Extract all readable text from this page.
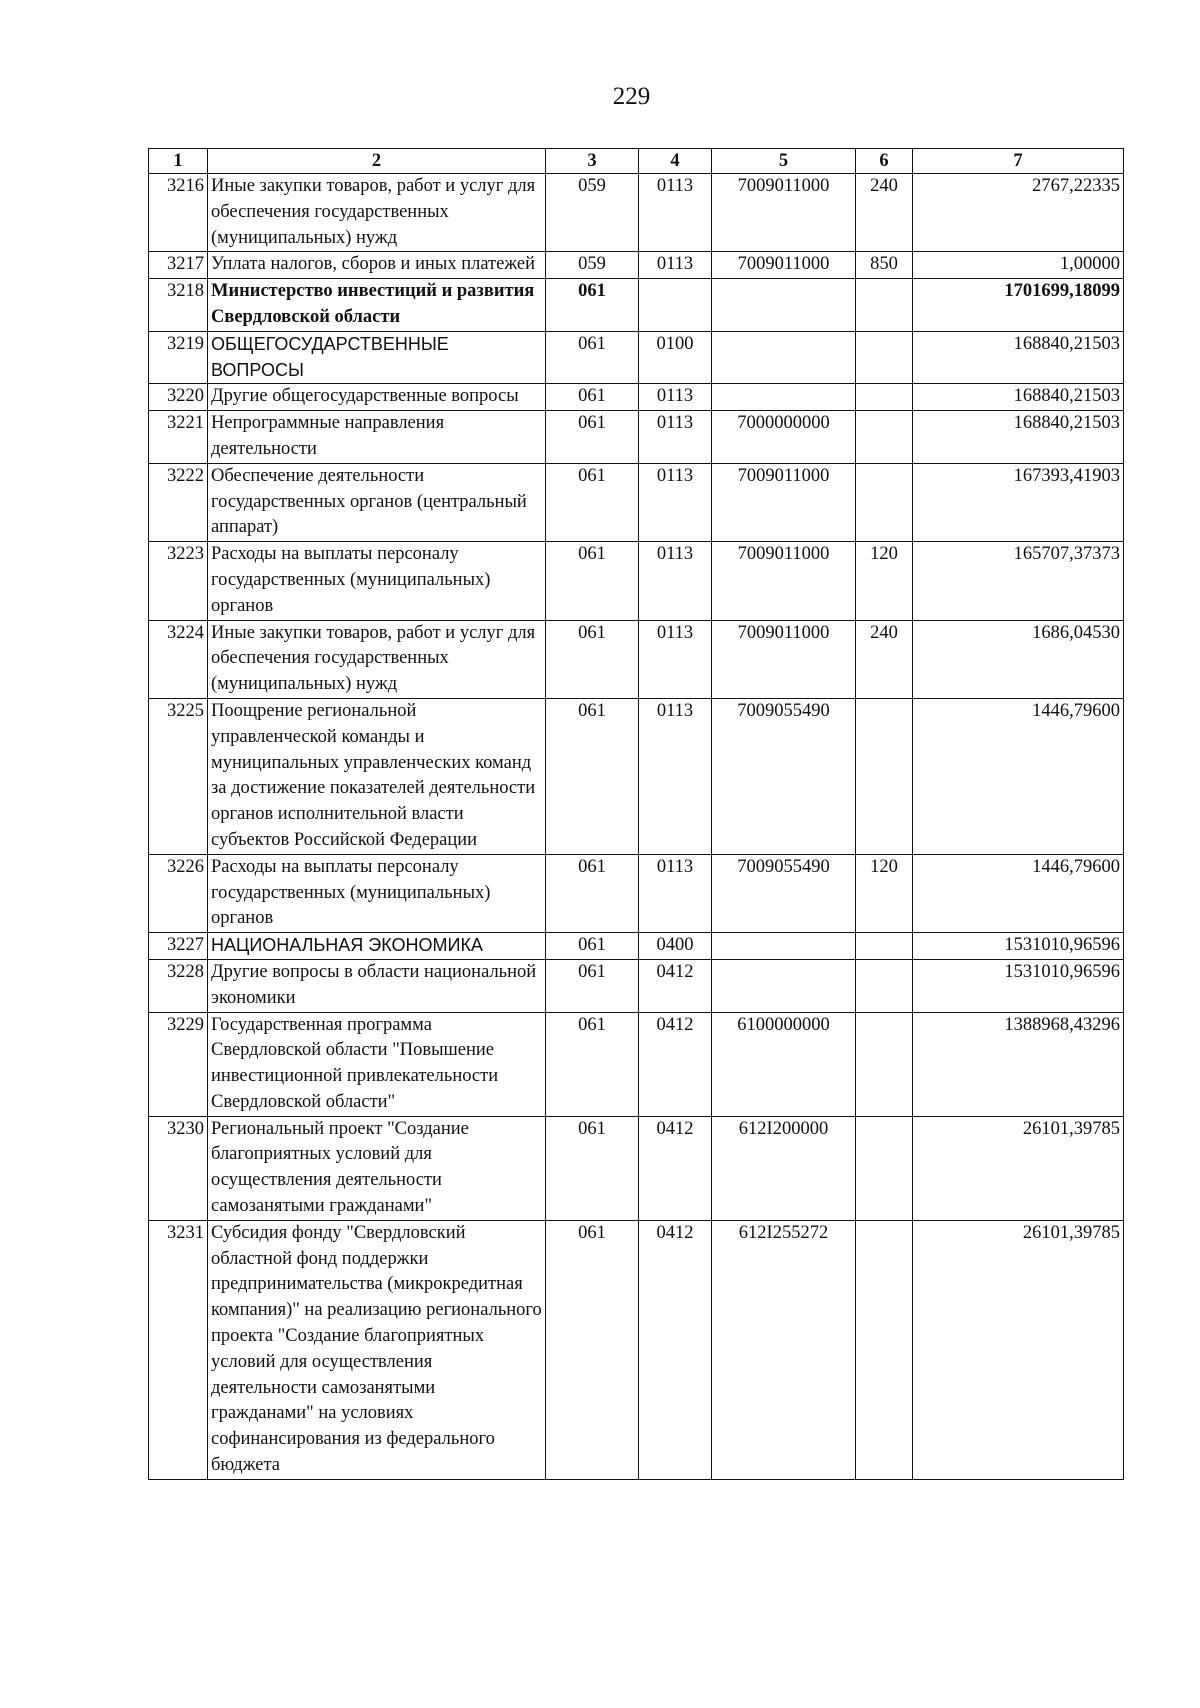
229
1	2	3	4	5	6	7
3216	Иные закупки товаров, работ и услуг для обеспечения государственных (муниципальных) нужд	059	0113	7009011000	240	2767,22335
3217	Уплата налогов, сборов и иных платежей	059	0113	7009011000	850	1,00000
3218	Министерство инвестиций и развития Свердловской области	061				1701699,18099
3219	ОБЩЕГОСУДАРСТВЕННЫЕ ВОПРОСЫ	061	0100			168840,21503
3220	Другие общегосударственные вопросы	061	0113			168840,21503
3221	Непрограммные направления деятельности	061	0113	7000000000		168840,21503
3222	Обеспечение деятельности государственных органов (центральный аппарат)	061	0113	7009011000		167393,41903
3223	Расходы на выплаты персоналу государственных (муниципальных) органов	061	0113	7009011000	120	165707,37373
3224	Иные закупки товаров, работ и услуг для обеспечения государственных (муниципальных) нужд	061	0113	7009011000	240	1686,04530
3225	Поощрение региональной управленческой команды и муниципальных управленческих команд за достижение показателей деятельности органов исполнительной власти субъектов Российской Федерации	061	0113	7009055490		1446,79600
3226	Расходы на выплаты персоналу государственных (муниципальных) органов	061	0113	7009055490	120	1446,79600
3227	НАЦИОНАЛЬНАЯ ЭКОНОМИКА	061	0400			1531010,96596
3228	Другие вопросы в области национальной экономики	061	0412			1531010,96596
3229	Государственная программа Свердловской области "Повышение инвестиционной привлекательности Свердловской области"	061	0412	6100000000		1388968,43296
3230	Региональный проект "Создание благоприятных условий для осуществления деятельности самозанятыми гражданами"	061	0412	612I200000		26101,39785
3231	Субсидия фонду "Свердловский областной фонд поддержки предпринимательства (микрокредитная компания)" на реализацию регионального проекта "Создание благоприятных условий для осуществления деятельности самозанятыми гражданами" на условиях софинансирования из федерального бюджета	061	0412	612I255272		26101,39785
